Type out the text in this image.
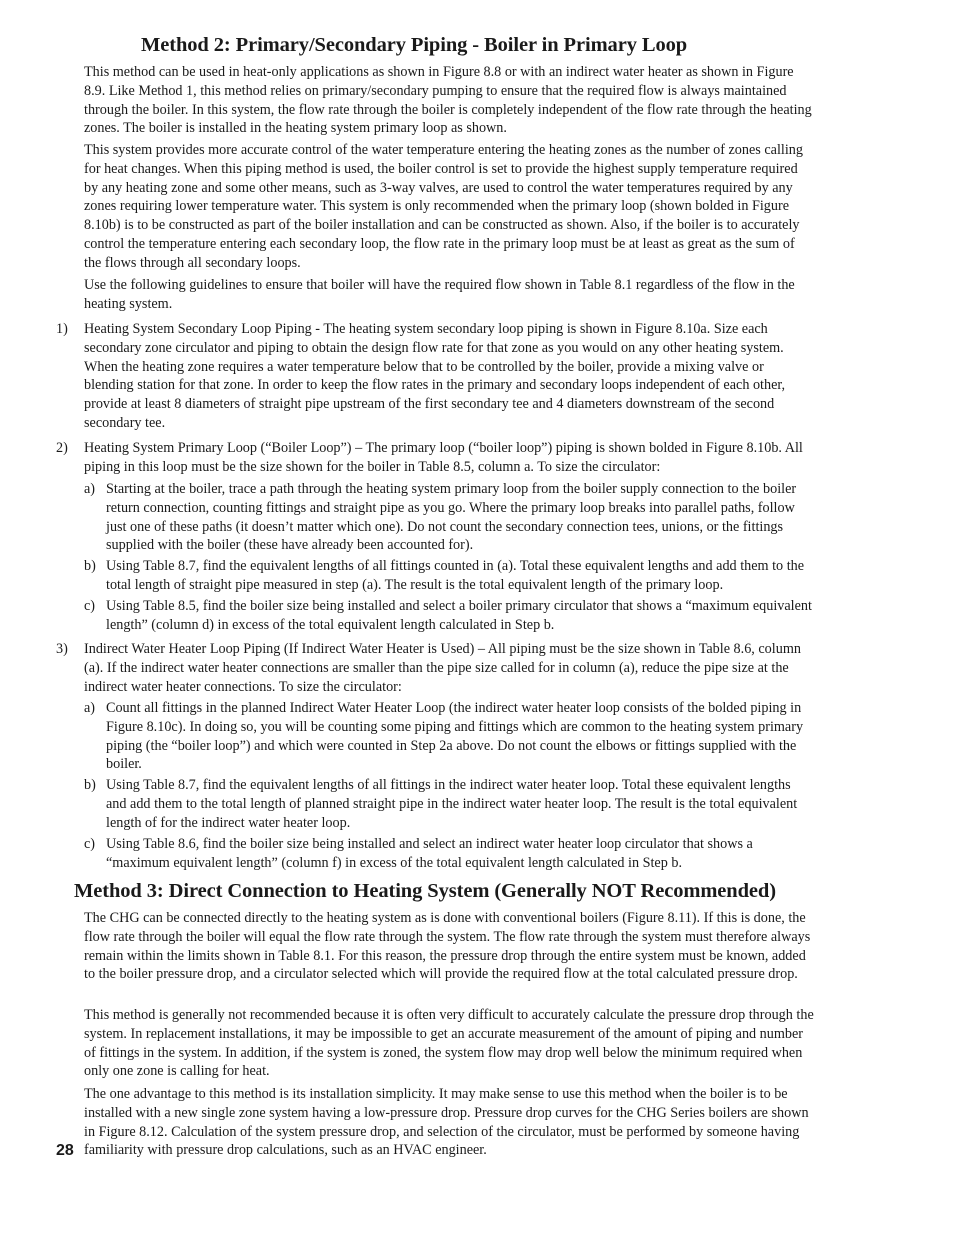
Method 2: Primary/Secondary Piping - Boiler in Primary Loop

This method can be used in heat-only applications as shown in Figure 8.8 or with an indirect water heater as shown in Figure 8.9. Like Method 1, this method relies on primary/secondary pumping to ensure that the required flow is always maintained through the boiler. In this system, the flow rate through the boiler is completely independent of the flow rate through the heating zones. The boiler is installed in the heating system primary loop as shown.

This system provides more accurate control of the water temperature entering the heating zones as the number of zones calling for heat changes. When this piping method is used, the boiler control is set to provide the highest supply temperature required by any heating zone and some other means, such as 3-way valves, are used to control the water temperatures required by any zones requiring lower temperature water. This system is only recommended when the primary loop (shown bolded in Figure 8.10b) is to be constructed as part of the boiler installation and can be constructed as shown. Also, if the boiler is to accurately control the temperature entering each secondary loop, the flow rate in the primary loop must be at least as great as the sum of the flows through all secondary loops.

Use the following guidelines to ensure that boiler will have the required flow shown in Table 8.1 regardless of the flow in the heating system.

1) Heating System Secondary Loop Piping - The heating system secondary loop piping is shown in Figure 8.10a. Size each secondary zone circulator and piping to obtain the design flow rate for that zone as you would on any other heating system. When the heating zone requires a water temperature below that to be controlled by the boiler, provide a mixing valve or blending station for that zone. In order to keep the flow rates in the primary and secondary loops independent of each other, provide at least 8 diameters of straight pipe upstream of the first secondary tee and 4 diameters downstream of the second secondary tee.
2) Heating System Primary Loop (“Boiler Loop”) – The primary loop (“boiler loop”) piping is shown bolded in Figure 8.10b. All piping in this loop must be the size shown for the boiler in Table 8.5, column a. To size the circulator:
a) Starting at the boiler, trace a path through the heating system primary loop from the boiler supply connection to the boiler return connection, counting fittings and straight pipe as you go. Where the primary loop breaks into parallel paths, follow just one of these paths (it doesn’t matter which one). Do not count the secondary connection tees, unions, or the fittings supplied with the boiler (these have already been accounted for).
b) Using Table 8.7, find the equivalent lengths of all fittings counted in (a). Total these equivalent lengths and add them to the total length of straight pipe measured in step (a). The result is the total equivalent length of the primary loop.
c) Using Table 8.5, find the boiler size being installed and select a boiler primary circulator that shows a “maximum equivalent length” (column d) in excess of the total equivalent length calculated in Step b.
3) Indirect Water Heater Loop Piping (If Indirect Water Heater is Used) – All piping must be the size shown in Table 8.6, column (a). If the indirect water heater connections are smaller than the pipe size called for in column (a), reduce the pipe size at the indirect water heater connections. To size the circulator:
a) Count all fittings in the planned Indirect Water Heater Loop (the indirect water heater loop consists of the bolded piping in Figure 8.10c). In doing so, you will be counting some piping and fittings which are common to the heating system primary piping (the “boiler loop”) and which were counted in Step 2a above. Do not count the elbows or fittings supplied with the boiler.
b) Using Table 8.7, find the equivalent lengths of all fittings in the indirect water heater loop. Total these equivalent lengths and add them to the total length of planned straight pipe in the indirect water heater loop. The result is the total equivalent length of for the indirect water heater loop.
c) Using Table 8.6, find the boiler size being installed and select an indirect water heater loop circulator that shows a “maximum equivalent length” (column f) in excess of the total equivalent length calculated in Step b.
Method 3: Direct Connection to Heating System (Generally NOT Recommended)

The CHG can be connected directly to the heating system as is done with conventional boilers (Figure 8.11). If this is done, the flow rate through the boiler will equal the flow rate through the system. The flow rate through the system must therefore always remain within the limits shown in Table 8.1. For this reason, the pressure drop through the entire system must be known, added to the boiler pressure drop, and a circulator selected which will provide the required flow at the total calculated pressure drop.

This method is generally not recommended because it is often very difficult to accurately calculate the pressure drop through the system. In replacement installations, it may be impossible to get an accurate measurement of the amount of piping and number of fittings in the system. In addition, if the system is zoned, the system flow may drop well below the minimum required when only one zone is calling for heat.

The one advantage to this method is its installation simplicity. It may make sense to use this method when the boiler is to be installed with a new single zone system having a low-pressure drop. Pressure drop curves for the CHG Series boilers are shown in Figure 8.12. Calculation of the system pressure drop, and selection of the circulator, must be performed by someone having familiarity with pressure drop calculations, such as an HVAC engineer.

28
